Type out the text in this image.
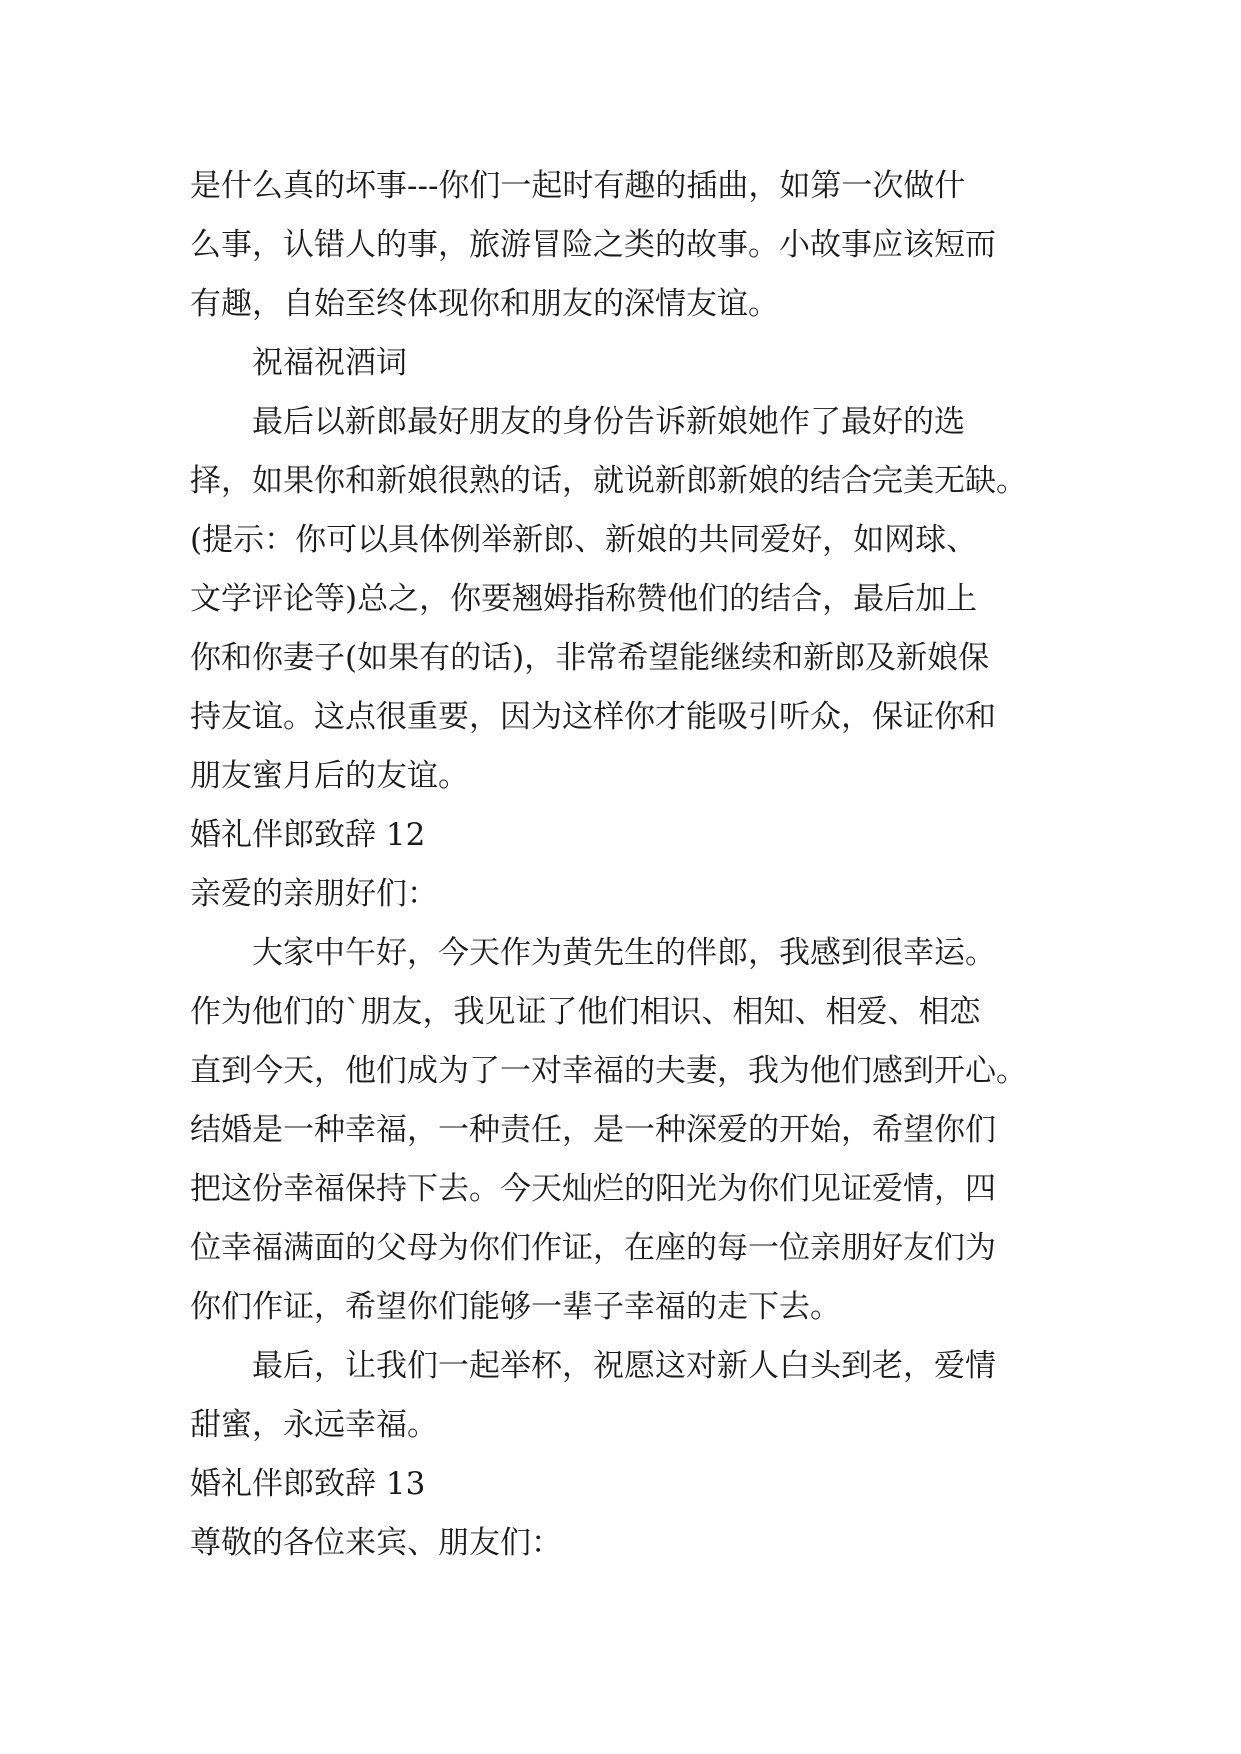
是什么真的坏事---你们一起时有趣的插曲，如第一次做什
么事，认错人的事，旅游冒险之类的故事。小故事应该短而
有趣，自始至终体现你和朋友的深情友谊。
祝福祝酒词
最后以新郎最好朋友的身份告诉新娘她作了最好的选
择，如果你和新娘很熟的话，就说新郎新娘的结合完美无缺。
(提示：你可以具体例举新郎、新娘的共同爱好，如网球、
文学评论等)总之，你要翘姆指称赞他们的结合，最后加上
你和你妻子(如果有的话)，非常希望能继续和新郎及新娘保
持友谊。这点很重要，因为这样你才能吸引听众，保证你和
朋友蜜月后的友谊。
婚礼伴郎致辞 12
亲爱的亲朋好们：
大家中午好，今天作为黄先生的伴郎，我感到很幸运。
作为他们的`朋友，我见证了他们相识、相知、相爱、相恋
直到今天，他们成为了一对幸福的夫妻，我为他们感到开心。
结婚是一种幸福，一种责任，是一种深爱的开始，希望你们
把这份幸福保持下去。今天灿烂的阳光为你们见证爱情，四
位幸福满面的父母为你们作证，在座的每一位亲朋好友们为
你们作证，希望你们能够一辈子幸福的走下去。
最后，让我们一起举杯，祝愿这对新人白头到老，爱情
甜蜜，永远幸福。
婚礼伴郎致辞 13
尊敬的各位来宾、朋友们：
